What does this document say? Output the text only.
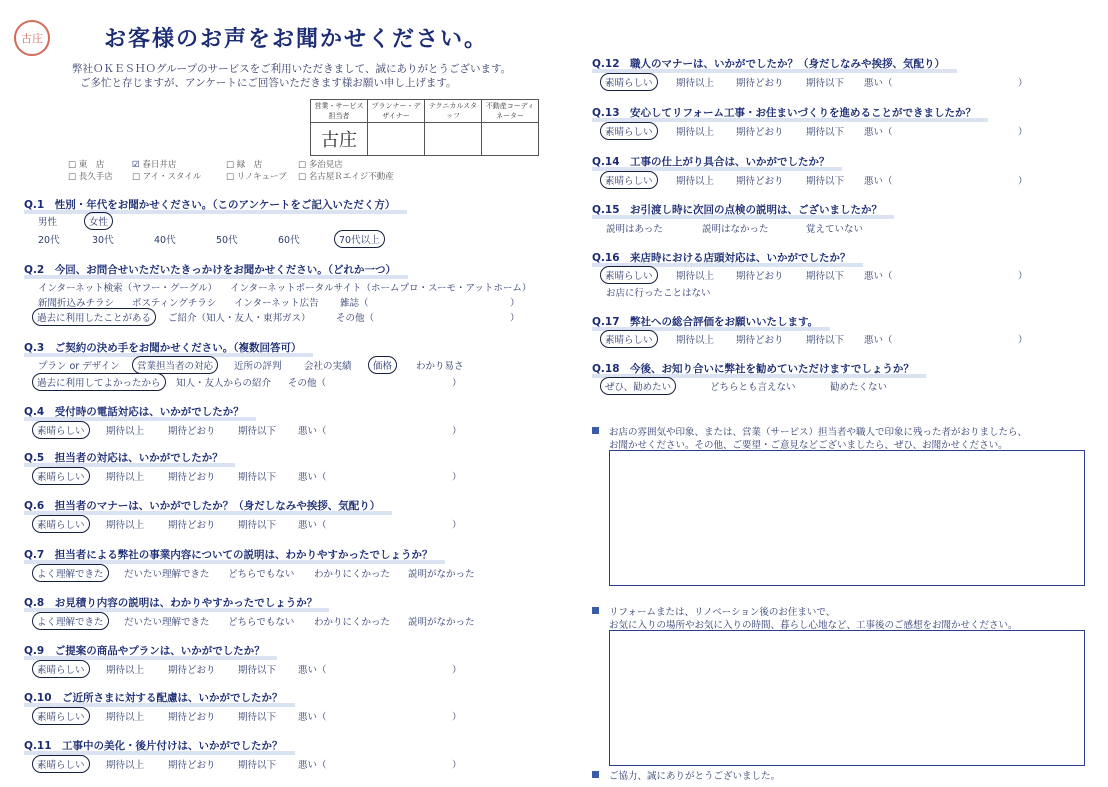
古庄	お客様のお声をお聞かせください。
弊社ＯＫＥＳＨＯグループのサービスをご利用いただきまして、誠にありがとうございます。
ご多忙と存じますが、アンケートにご回答いただきます様お願い申し上げます。
営業・サービス担当者	プランナー・デザイナー	テクニカルスタッフ	不動産コーディネーター
古庄			
□ 東　店	☑ 春日井店	□ 緑　店	□ 多治見店
□ 長久手店 □ アイ・スタイル	□ リノキューブ □ 名古屋Ｒエイジ不動産
Q.1　性別・年代をお聞かせください。（このアンケートをご記入いただく方）
男性	女性
20代	30代	40代	50代	60代	70代以上
Q.2　今回、お問合せいただいたきっかけをお聞かせください。（どれか一つ）
インターネット検索（ヤフー・グーグル） インターネットポータルサイト（ホームプロ・スーモ・アットホーム）
新聞折込みチラシ ポスティングチラシ インターネット広告 雑誌（	）
過去に利用したことがある	ご紹介（知人・友人・東邦ガス）	その他（	）
Q.3　ご契約の決め手をお聞かせください。（複数回答可）
プラン or デザイン	営業担当者の対応	近所の評判 会社の実績	価格	わかり易さ
過去に利用してよかったから	知人・友人からの紹介 その他（	）
Q.4　受付時の電話対応は、いかがでしたか？
素晴らしい	期待以上	期待どおり 期待以下 悪い（	）
Q.5　担当者の対応は、いかがでしたか？
素晴らしい	期待以上	期待どおり 期待以下 悪い（	）
Q.6　担当者のマナーは、いかがでしたか？（身だしなみや挨拶、気配り）
素晴らしい	期待以上	期待どおり 期待以下 悪い（	）
Q.7　担当者による弊社の事業内容についての説明は、わかりやすかったでしょうか？
よく理解できた	だいたい理解できた どちらでもない わかりにくかった 説明がなかった
Q.8　お見積り内容の説明は、わかりやすかったでしょうか？
よく理解できた	だいたい理解できた どちらでもない わかりにくかった 説明がなかった
Q.9　ご提案の商品やプランは、いかがでしたか？
素晴らしい	期待以上	期待どおり 期待以下 悪い（	）
Q.10　ご近所さまに対する配慮は、いかがでしたか？
素晴らしい	期待以上	期待どおり 期待以下 悪い（	）
Q.11　工事中の美化・後片付けは、いかがでしたか？
素晴らしい	期待以上	期待どおり 期待以下 悪い（	）
Q.12　職人のマナーは、いかがでしたか？（身だしなみや挨拶、気配り）
素晴らしい	期待以上 期待どおり 期待以下 悪い（	）
Q.13　安心してリフォーム工事・お住まいづくりを進めることができましたか？
素晴らしい	期待以上 期待どおり 期待以下 悪い（	）
Q.14　工事の仕上がり具合は、いかがでしたか？
素晴らしい	期待以上 期待どおり 期待以下 悪い（	）
Q.15　お引渡し時に次回の点検の説明は、ございましたか？
説明はあった	説明はなかった	覚えていない
Q.16　来店時における店頭対応は、いかがでしたか？
素晴らしい	期待以上 期待どおり 期待以下 悪い（	）
お店に行ったことはない
Q.17　弊社への総合評価をお願いいたします。
素晴らしい	期待以上 期待どおり 期待以下 悪い（	）
Q.18　今後、お知り合いに弊社を勧めていただけますでしょうか？
ぜひ、勧めたい	どちらとも言えない	勧めたくない
お店の雰囲気や印象、または、営業（サービス）担当者や職人で印象に残った者がおりましたら、
お聞かせください。その他、ご要望・ご意見などございましたら、ぜひ、お聞かせください。
リフォームまたは、リノベーション後のお住まいで、
お気に入りの場所やお気に入りの時間、暮らし心地など、工事後のご感想をお聞かせください。
ご協力、誠にありがとうございました。
